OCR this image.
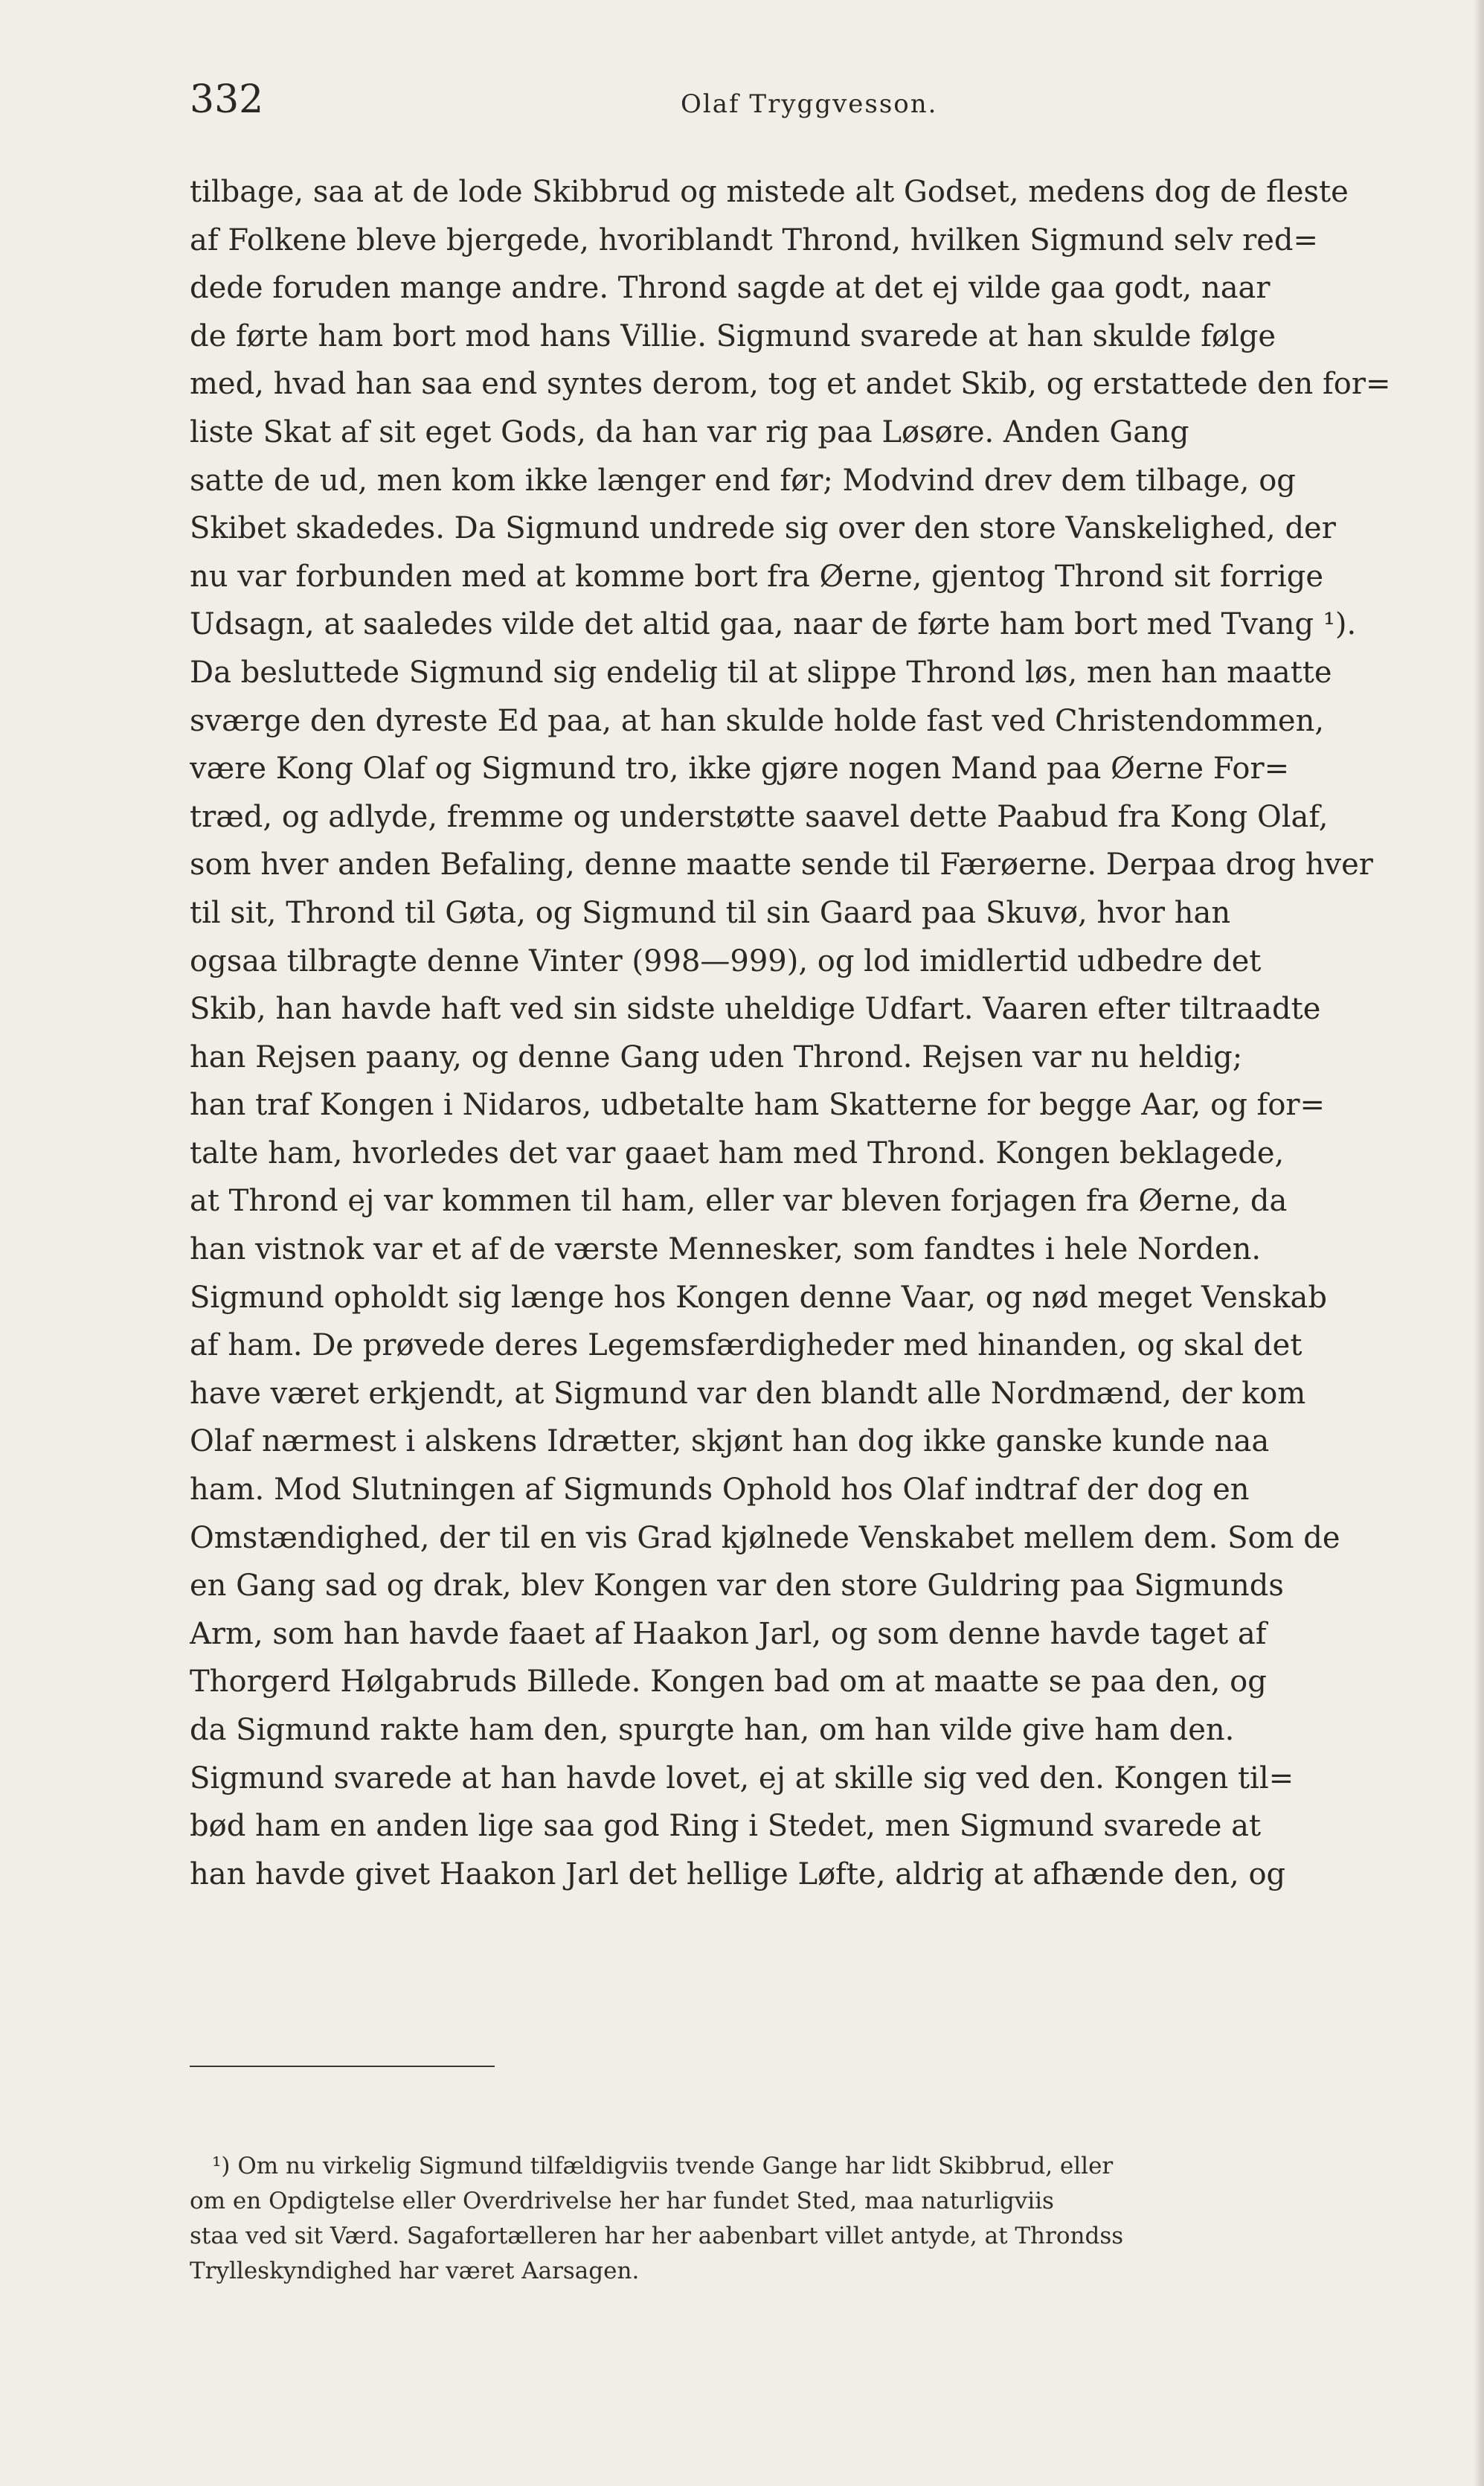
332	Olaf Tryggvesson.
tilbage, saa at de lode Skibbrud og mistede alt Godset, medens dog de fleste
af Folkene bleve bjergede, hvoriblandt Thrond, hvilken Sigmund selv red=
dede foruden mange andre. Thrond sagde at det ej vilde gaa godt, naar
de førte ham bort mod hans Villie. Sigmund svarede at han skulde følge
med, hvad han saa end syntes derom, tog et andet Skib, og erstattede den for=
liste Skat af sit eget Gods, da han var rig paa Løsøre. Anden Gang
satte de ud, men kom ikke længer end før; Modvind drev dem tilbage, og
Skibet skadedes. Da Sigmund undrede sig over den store Vanskelighed, der
nu var forbunden med at komme bort fra Øerne, gjentog Thrond sit forrige
Udsagn, at saaledes vilde det altid gaa, naar de førte ham bort med Tvang ¹).
Da besluttede Sigmund sig endelig til at slippe Thrond løs, men han maatte
sværge den dyreste Ed paa, at han skulde holde fast ved Christendommen,
være Kong Olaf og Sigmund tro, ikke gjøre nogen Mand paa Øerne For=
træd, og adlyde, fremme og understøtte saavel dette Paabud fra Kong Olaf,
som hver anden Befaling, denne maatte sende til Færøerne. Derpaa drog hver
til sit, Thrond til Gøta, og Sigmund til sin Gaard paa Skuvø, hvor han
ogsaa tilbragte denne Vinter (998—999), og lod imidlertid udbedre det
Skib, han havde haft ved sin sidste uheldige Udfart. Vaaren efter tiltraadte
han Rejsen paany, og denne Gang uden Thrond. Rejsen var nu heldig;
han traf Kongen i Nidaros, udbetalte ham Skatterne for begge Aar, og for=
talte ham, hvorledes det var gaaet ham med Thrond. Kongen beklagede,
at Thrond ej var kommen til ham, eller var bleven forjagen fra Øerne, da
han vistnok var et af de værste Mennesker, som fandtes i hele Norden.
Sigmund opholdt sig længe hos Kongen denne Vaar, og nød meget Venskab
af ham. De prøvede deres Legemsfærdigheder med hinanden, og skal det
have været erkjendt, at Sigmund var den blandt alle Nordmænd, der kom
Olaf nærmest i alskens Idrætter, skjønt han dog ikke ganske kunde naa
ham. Mod Slutningen af Sigmunds Ophold hos Olaf indtraf der dog en
Omstændighed, der til en vis Grad kjølnede Venskabet mellem dem. Som de
en Gang sad og drak, blev Kongen var den store Guldring paa Sigmunds
Arm, som han havde faaet af Haakon Jarl, og som denne havde taget af
Thorgerd Hølgabruds Billede. Kongen bad om at maatte se paa den, og
da Sigmund rakte ham den, spurgte han, om han vilde give ham den.
Sigmund svarede at han havde lovet, ej at skille sig ved den. Kongen til=
bød ham en anden lige saa god Ring i Stedet, men Sigmund svarede at
han havde givet Haakon Jarl det hellige Løfte, aldrig at afhænde den, og
¹) Om nu virkelig Sigmund tilfældigviis tvende Gange har lidt Skibbrud, eller
om en Opdigtelse eller Overdrivelse her har fundet Sted, maa naturligviis
staa ved sit Værd. Sagafortælleren har her aabenbart villet antyde, at Throndss
Trylleskyndighed har været Aarsagen.
